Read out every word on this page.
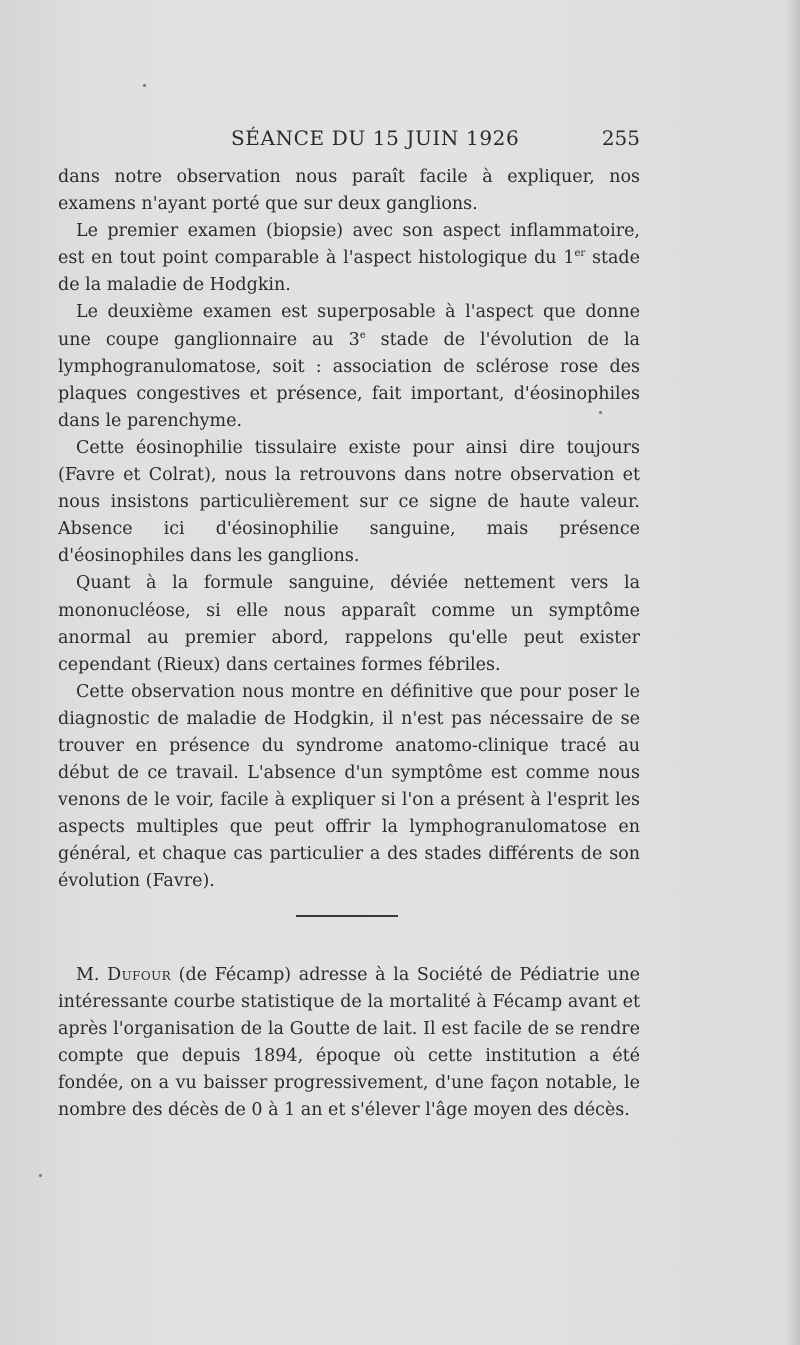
SÉANCE DU 15 JUIN 1926	255

dans notre observation nous paraît facile à expliquer, nos examens n'ayant porté que sur deux ganglions.

Le premier examen (biopsie) avec son aspect inflammatoire, est en tout point comparable à l'aspect histologique du 1er stade de la maladie de Hodgkin.

Le deuxième examen est superposable à l'aspect que donne une coupe ganglionnaire au 3e stade de l'évolution de la lymphogranulomatose, soit : association de sclérose rose des plaques congestives et présence, fait important, d'éosinophiles dans le parenchyme.

Cette éosinophilie tissulaire existe pour ainsi dire toujours (Favre et Colrat), nous la retrouvons dans notre observation et nous insistons particulièrement sur ce signe de haute valeur. Absence ici d'éosinophilie sanguine, mais présence d'éosinophiles dans les ganglions.

Quant à la formule sanguine, déviée nettement vers la mononucléose, si elle nous apparaît comme un symptôme anormal au premier abord, rappelons qu'elle peut exister cependant (Rieux) dans certaines formes fébriles.

Cette observation nous montre en définitive que pour poser le diagnostic de maladie de Hodgkin, il n'est pas nécessaire de se trouver en présence du syndrome anatomo-clinique tracé au début de ce travail. L'absence d'un symptôme est comme nous venons de le voir, facile à expliquer si l'on a présent à l'esprit les aspects multiples que peut offrir la lymphogranulomatose en général, et chaque cas particulier a des stades différents de son évolution (Favre).

M. Dufour (de Fécamp) adresse à la Société de Pédiatrie une intéressante courbe statistique de la mortalité à Fécamp avant et après l'organisation de la Goutte de lait. Il est facile de se rendre compte que depuis 1894, époque où cette institution a été fondée, on a vu baisser progressivement, d'une façon notable, le nombre des décès de 0 à 1 an et s'élever l'âge moyen des décès.
